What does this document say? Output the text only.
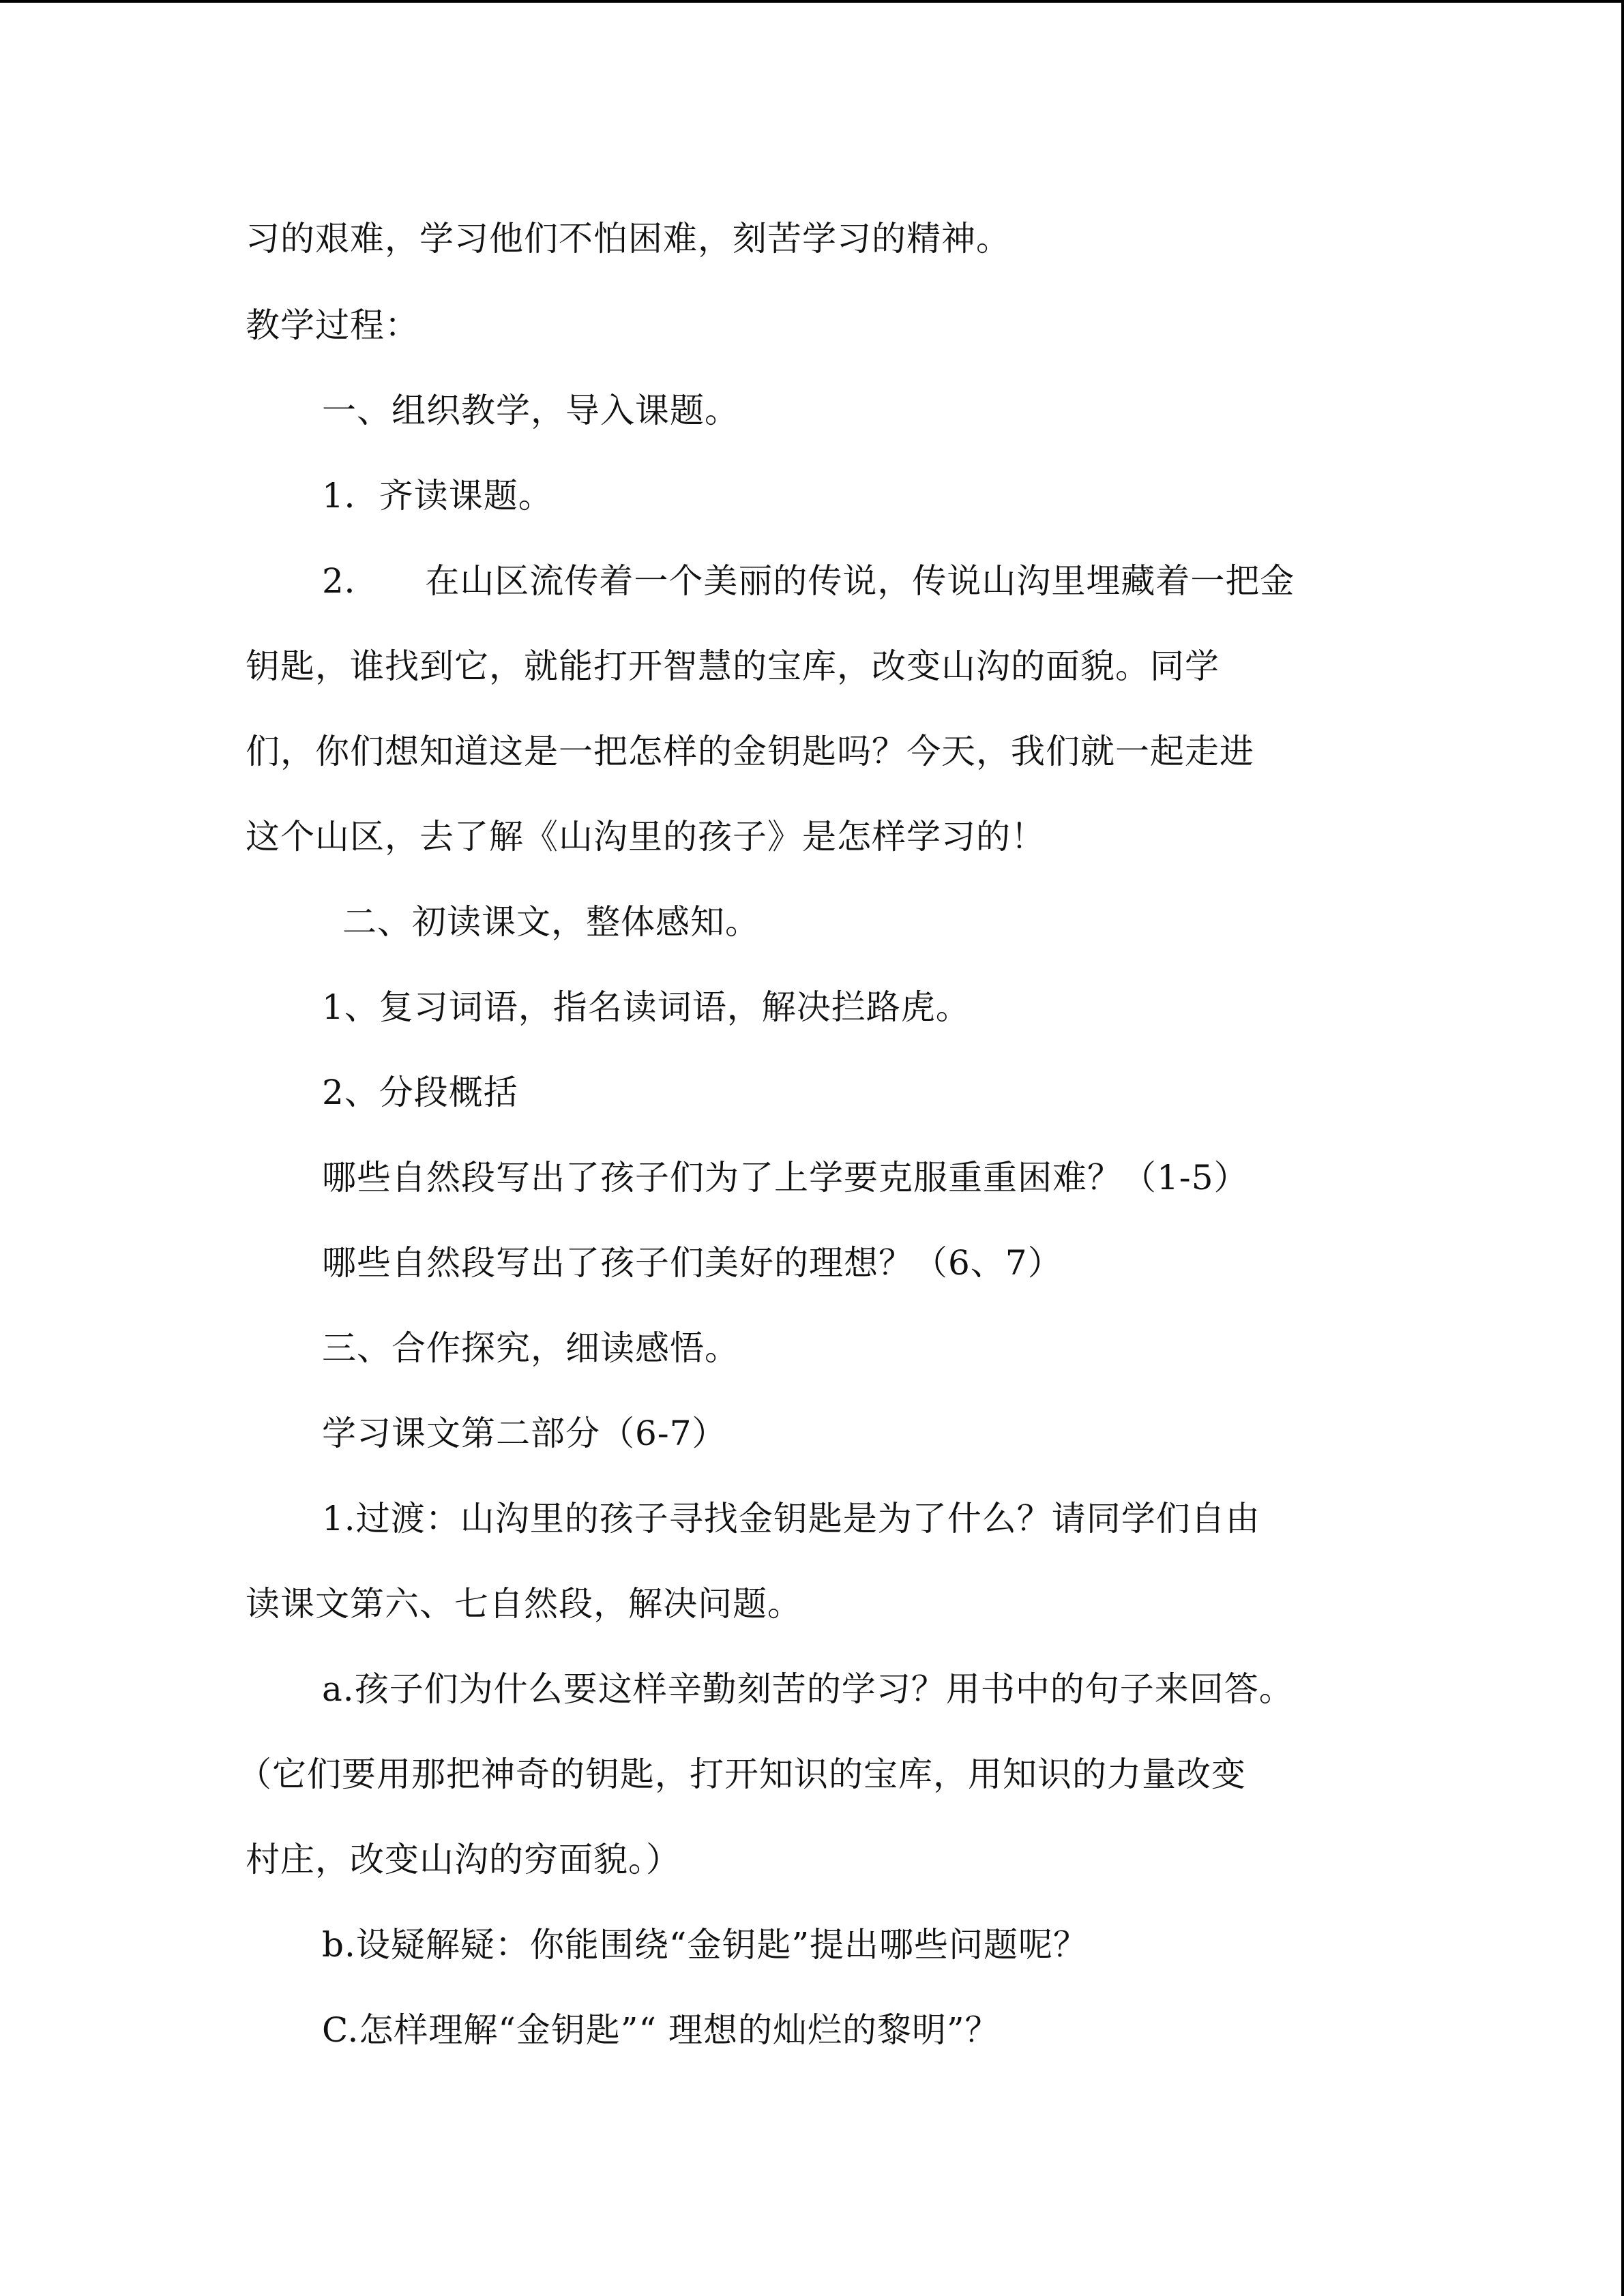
习的艰难，学习他们不怕困难，刻苦学习的精神。
教学过程：
一、组织教学，导入课题。
1．齐读课题。
2．    在山区流传着一个美丽的传说，传说山沟里埋藏着一把金
钥匙，谁找到它，就能打开智慧的宝库，改变山沟的面貌。同学
们，你们想知道这是一把怎样的金钥匙吗？今天，我们就一起走进
这个山区，去了解《山沟里的孩子》是怎样学习的！
二、初读课文，整体感知。
1、复习词语，指名读词语，解决拦路虎。
2、分段概括
哪些自然段写出了孩子们为了上学要克服重重困难？（1-5）
哪些自然段写出了孩子们美好的理想？（6、7）
三、合作探究，细读感悟。
学习课文第二部分（6-7）
1.过渡：山沟里的孩子寻找金钥匙是为了什么？请同学们自由
读课文第六、七自然段，解决问题。
a.孩子们为什么要这样辛勤刻苦的学习？用书中的句子来回答。
（它们要用那把神奇的钥匙，打开知识的宝库，用知识的力量改变
村庄，改变山沟的穷面貌。）
b.设疑解疑：你能围绕“金钥匙”提出哪些问题呢？
C.怎样理解“金钥匙”“ 理想的灿烂的黎明”？
